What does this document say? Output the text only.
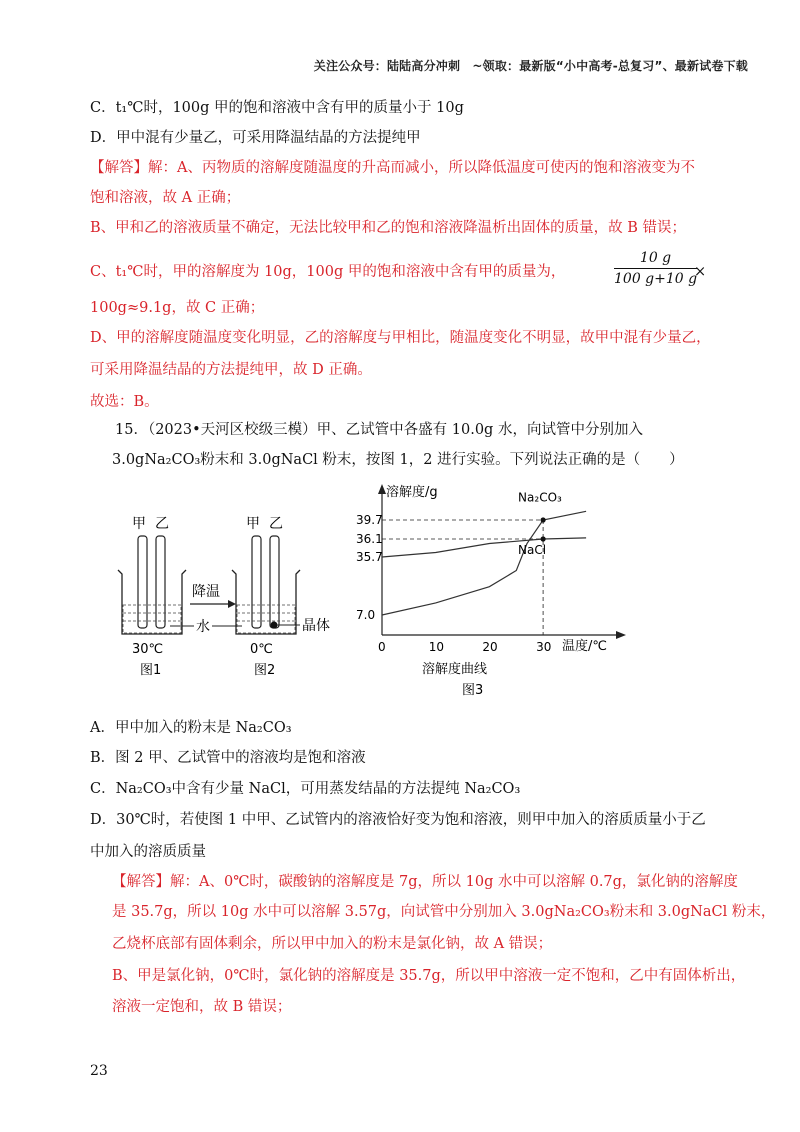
关注公众号：陆陆高分冲刺　~领取：最新版“小中高考-总复习”、最新试卷下载
C．t₁℃时，100g 甲的饱和溶液中含有甲的质量小于 10g
D．甲中混有少量乙，可采用降温结晶的方法提纯甲
【解答】解：A、丙物质的溶解度随温度的升高而减小，所以降低温度可使丙的饱和溶液变为不
饱和溶液，故 A 正确；
B、甲和乙的溶液质量不确定，无法比较甲和乙的饱和溶液降温析出固体的质量，故 B 错误；
C、t₁℃时，甲的溶解度为 10g，100g 甲的饱和溶液中含有甲的质量为，	$\frac{10 g}{100 g+10 g}$
×
100g≈9.1g，故 C 正确；
D、甲的溶解度随温度变化明显，乙的溶解度与甲相比，随温度变化不明显，故甲中混有少量乙，
可采用降温结晶的方法提纯甲，故 D 正确。
故选：B。
15．（2023•天河区校级三模）甲、乙试管中各盛有 10.0g 水，向试管中分别加入
3.0gNa₂CO₃粉末和 3.0gNaCl 粉末，按图 1，2 进行实验。下列说法正确的是（　　）
甲 乙
30℃
图1
降温
水
甲 乙
晶体
0℃
图2
0	10	20	30
7.0
35.7
36.1
39.7
Na₂CO₃
NaCl
溶解度/g
温度/℃
溶解度曲线
图3
A．甲中加入的粉末是 Na₂CO₃
B．图 2 甲、乙试管中的溶液均是饱和溶液
C．Na₂CO₃中含有少量 NaCl，可用蒸发结晶的方法提纯 Na₂CO₃
D．30℃时，若使图 1 中甲、乙试管内的溶液恰好变为饱和溶液，则甲中加入的溶质质量小于乙
中加入的溶质质量
【解答】解：A、0℃时，碳酸钠的溶解度是 7g，所以 10g 水中可以溶解 0.7g，氯化钠的溶解度
是 35.7g，所以 10g 水中可以溶解 3.57g，向试管中分别加入 3.0gNa₂CO₃粉末和 3.0gNaCl 粉末，
乙烧杯底部有固体剩余，所以甲中加入的粉末是氯化钠，故 A 错误；
B、甲是氯化钠，0℃时，氯化钠的溶解度是 35.7g，所以甲中溶液一定不饱和，乙中有固体析出，
溶液一定饱和，故 B 错误；
23
